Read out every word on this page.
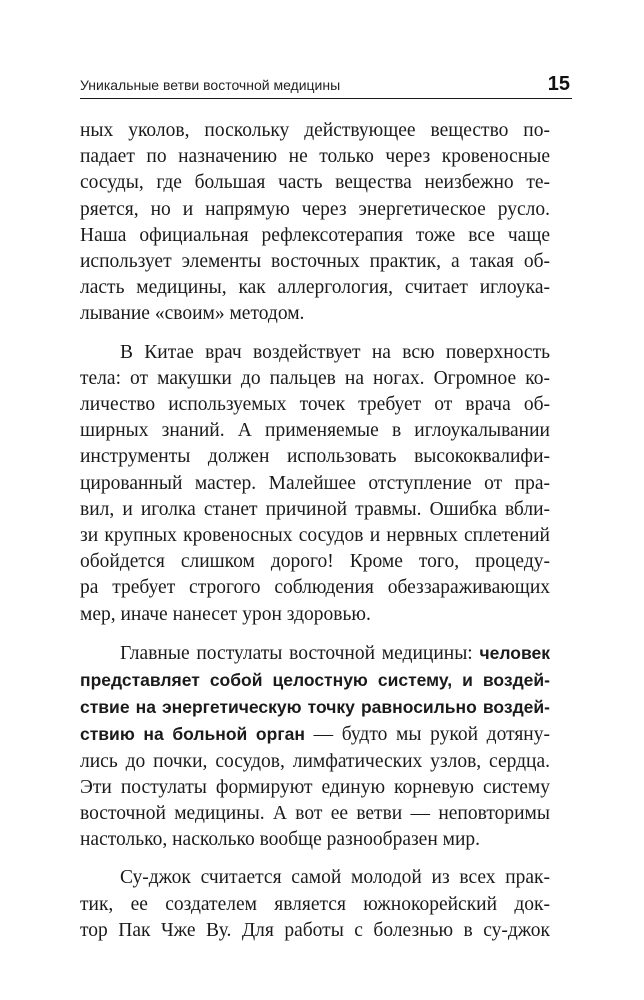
Уникальные ветви восточной медицины	15
ных уколов, поскольку действующее вещество по-
падает по назначению не только через кровеносные
сосуды, где большая часть вещества неизбежно те-
ряется, но и напрямую через энергетическое русло.
Наша официальная рефлексотерапия тоже все чаще
использует элементы восточных практик, а такая об-
ласть медицины, как аллергология, считает иглоука-
лывание «своим» методом.
В Китае врач воздействует на всю поверхность
тела: от макушки до пальцев на ногах. Огромное ко-
личество используемых точек требует от врача об-
ширных знаний. А применяемые в иглоукалывании
инструменты должен использовать высококвалифи-
цированный мастер. Малейшее отступление от пра-
вил, и иголка станет причиной травмы. Ошибка вбли-
зи крупных кровеносных сосудов и нервных сплетений
обойдется слишком дорого! Кроме того, процеду-
ра требует строгого соблюдения обеззараживающих
мер, иначе нанесет урон здоровью.
Главные постулаты восточной медицины: человек
представляет собой целостную систему, и воздей-
ствие на энергетическую точку равносильно воздей-
ствию на больной орган — будто мы рукой дотяну-
лись до почки, сосудов, лимфатических узлов, сердца.
Эти постулаты формируют единую корневую систему
восточной медицины. А вот ее ветви — неповторимы
настолько, насколько вообще разнообразен мир.
Су-джок считается самой молодой из всех прак-
тик, ее создателем является южнокорейский док-
тор Пак Чже Ву. Для работы с болезнью в су-джок
